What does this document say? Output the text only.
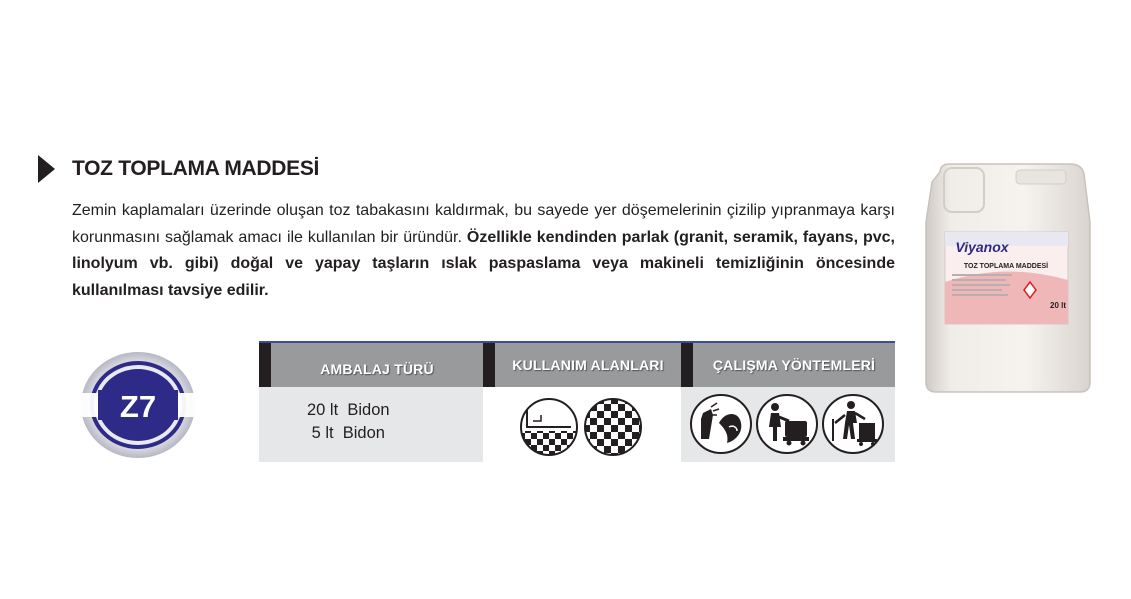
TOZ TOPLAMA MADDESİ
Zemin kaplamaları üzerinde oluşan toz tabakasını kaldırmak, bu sayede yer döşemelerinin çizilip yıpranmaya karşı korunmasını sağlamak amacı ile kullanılan bir üründür. Özellikle kendinden parlak (granit, seramik, fayans, pvc, linolyum vb. gibi) doğal ve yapay taşların ıslak paspaslama veya makineli temizliğinin öncesinde kullanılması tavsiye edilir.
Z7
AMBALAJ TÜRÜ	KULLANIM ALANLARI	ÇALIŞMA YÖNTEMLERİ
20 lt  Bidon
5 lt  Bidon
Viyanox
TOZ TOPLAMA MADDESİ
20 lt
